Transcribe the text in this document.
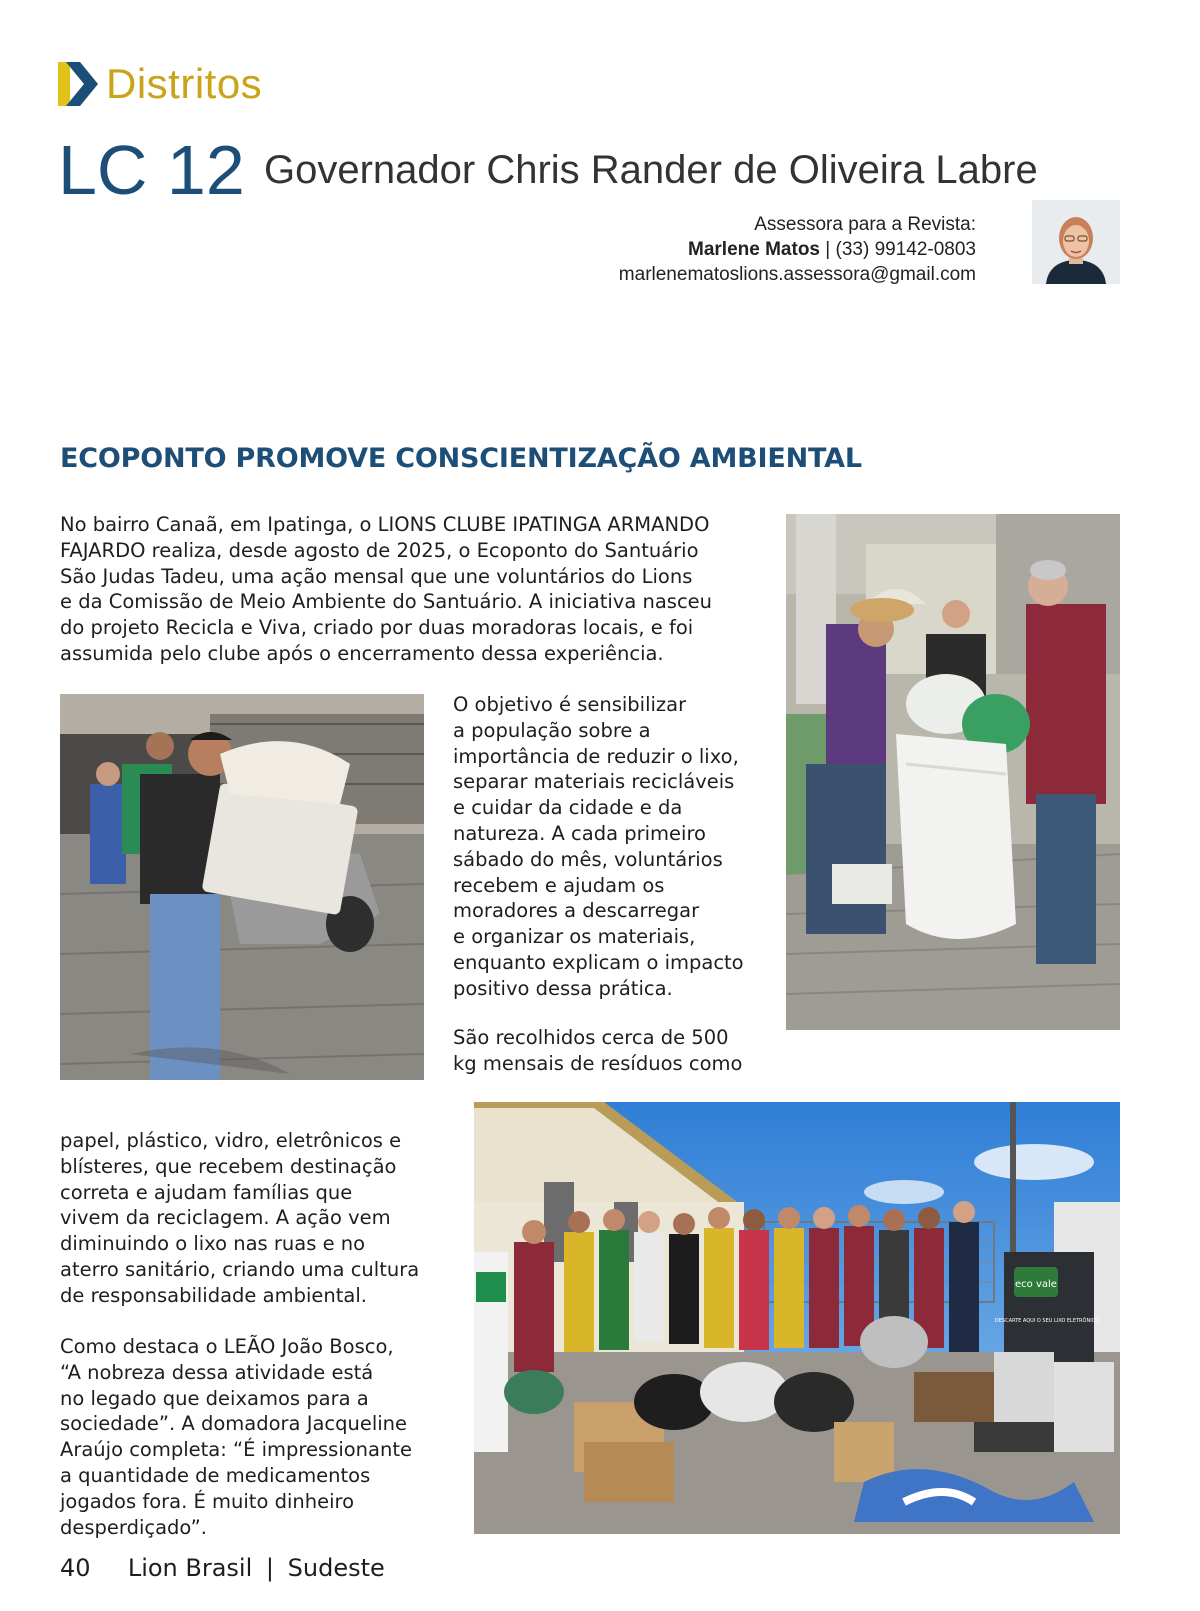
Distritos
LC 12 Governador Chris Rander de Oliveira Labre
Assessora para a Revista:
Marlene Matos | (33) 99142-0803
marlenematoslions.assessora@gmail.com
ECOPONTO PROMOVE CONSCIENTIZAÇÃO AMBIENTAL
No bairro Canaã, em Ipatinga, o LIONS CLUBE IPATINGA ARMANDO
FAJARDO realiza, desde agosto de 2025, o Ecoponto do Santuário
São Judas Tadeu, uma ação mensal que une voluntários do Lions
e da Comissão de Meio Ambiente do Santuário. A iniciativa nasceu
do projeto Recicla e Viva, criado por duas moradoras locais, e foi
assumida pelo clube após o encerramento dessa experiência.
O objetivo é sensibilizar
a população sobre a
importância de reduzir o lixo,
separar materiais recicláveis
e cuidar da cidade e da
natureza. A cada primeiro
sábado do mês, voluntários
recebem e ajudam os
moradores a descarregar
e organizar os materiais,
enquanto explicam o impacto
positivo dessa prática.
São recolhidos cerca de 500
kg mensais de resíduos como
papel, plástico, vidro, eletrônicos e
blísteres, que recebem destinação
correta e ajudam famílias que
vivem da reciclagem. A ação vem
diminuindo o lixo nas ruas e no
aterro sanitário, criando uma cultura
de responsabilidade ambiental.
Como destaca o LEÃO João Bosco,
“A nobreza dessa atividade está
no legado que deixamos para a
sociedade”. A domadora Jacqueline
Araújo completa: “É impressionante
a quantidade de medicamentos
jogados fora. É muito dinheiro
desperdiçado”.
eco vale
DESCARTE AQUI O SEU LIXO ELETRÔNICO
40 Lion Brasil | Sudeste
